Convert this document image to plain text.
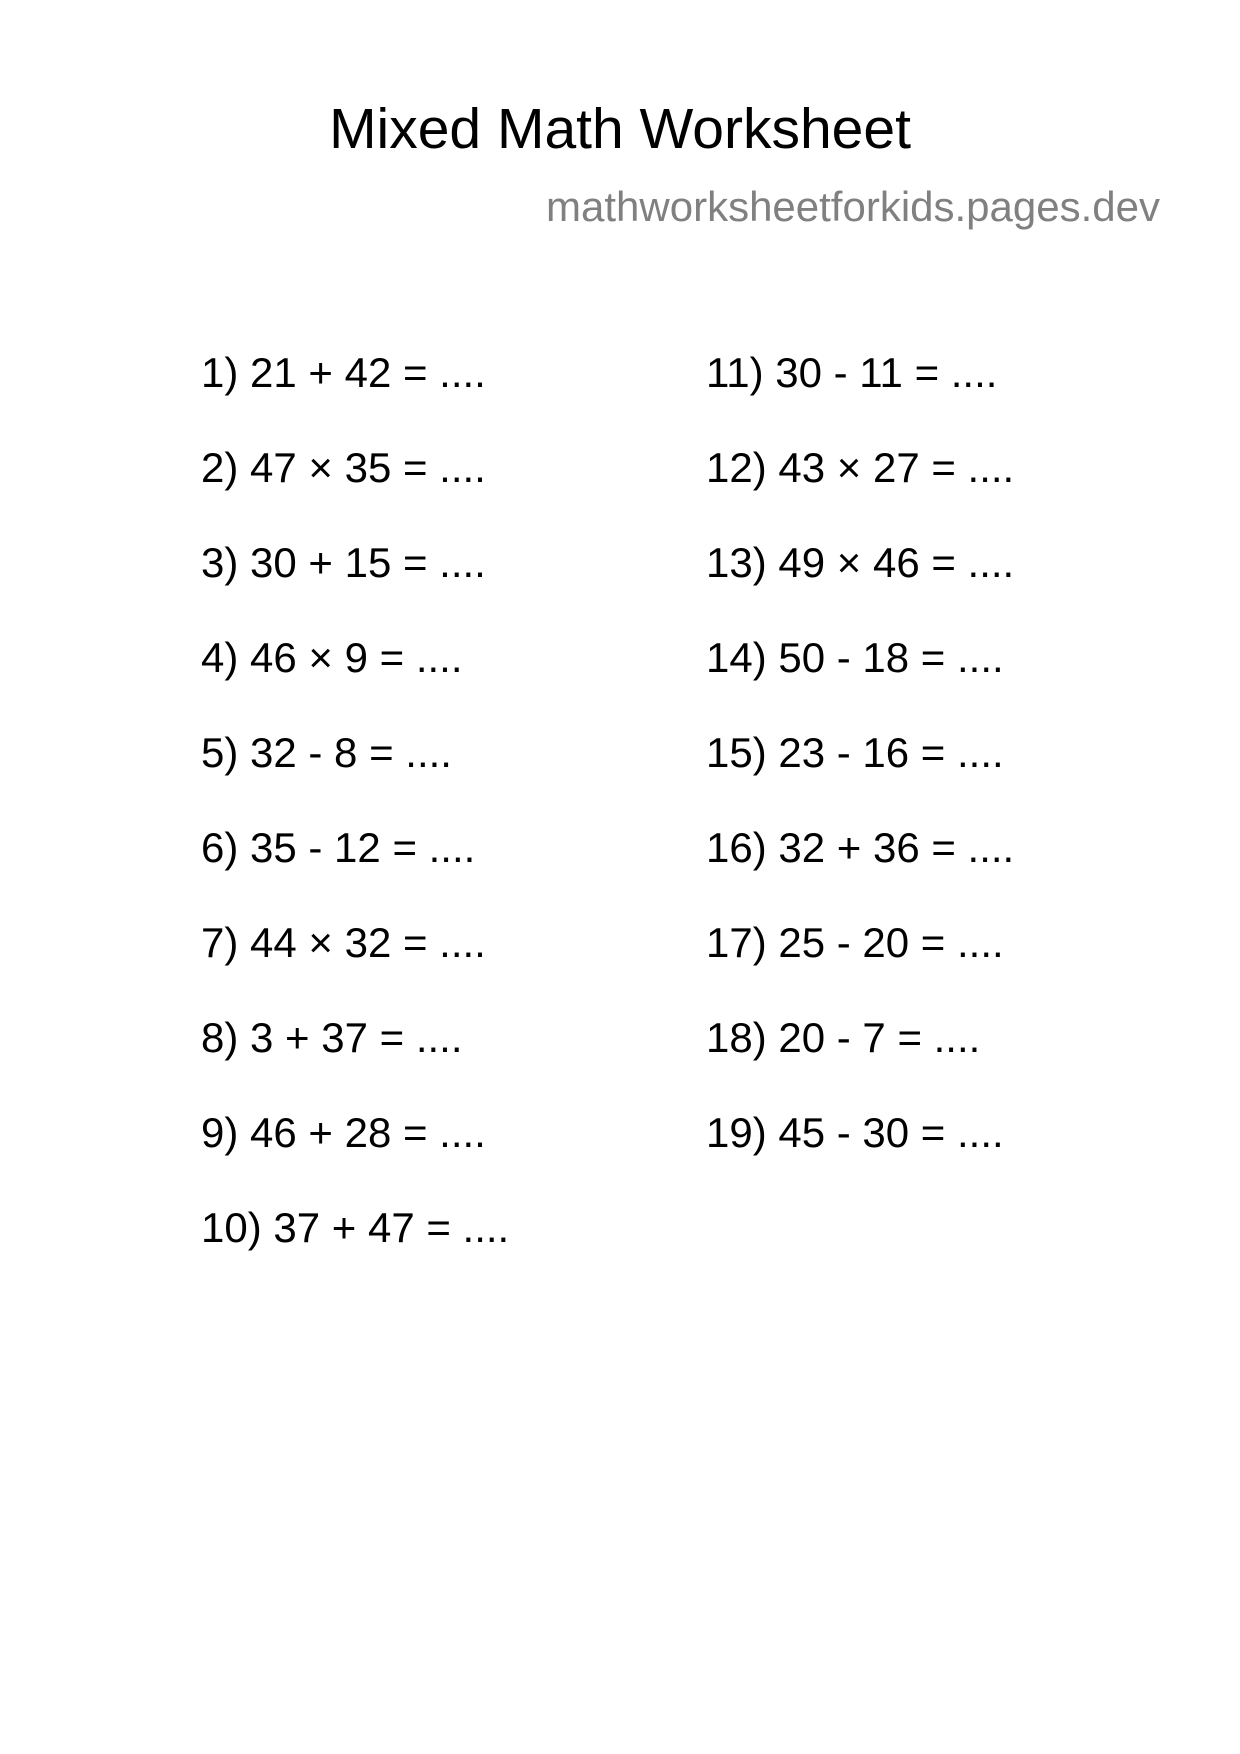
Mixed Math Worksheet
mathworksheetforkids.pages.dev
1) 21 + 42 = ....
2) 47 × 35 = ....
3) 30 + 15 = ....
4) 46 × 9 = ....
5) 32 - 8 = ....
6) 35 - 12 = ....
7) 44 × 32 = ....
8) 3 + 37 = ....
9) 46 + 28 = ....
10) 37 + 47 = ....
11) 30 - 11 = ....
12) 43 × 27 = ....
13) 49 × 46 = ....
14) 50 - 18 = ....
15) 23 - 16 = ....
16) 32 + 36 = ....
17) 25 - 20 = ....
18) 20 - 7 = ....
19) 45 - 30 = ....
